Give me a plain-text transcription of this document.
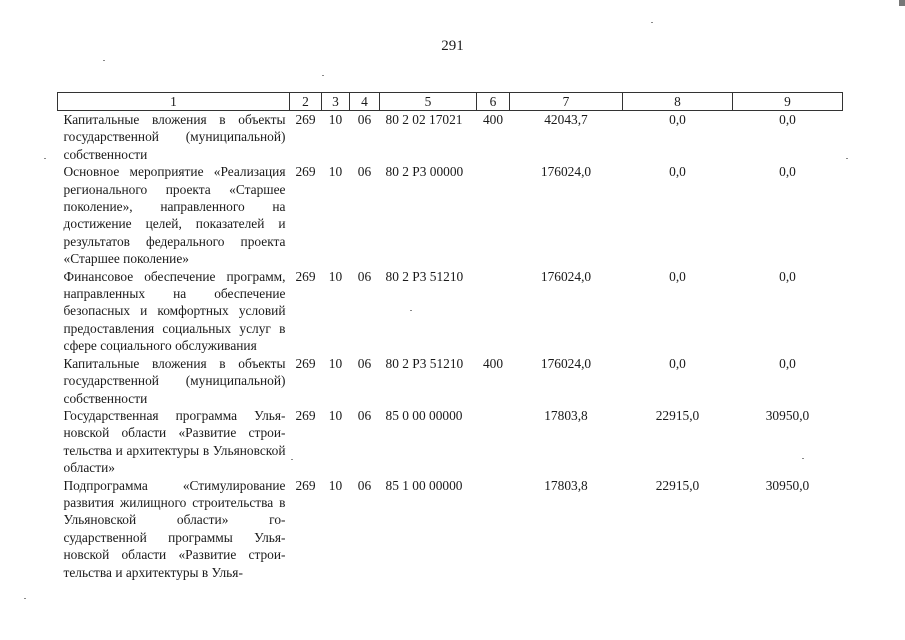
291
1	2	3	4	5	6	7	8	9
Капитальные вложения в объекты государственной (муниципальной) собственности	269	10	06	80 2 02 17021	400	42043,7	0,0	0,0
Основное мероприятие «Реализация регионального проекта «Старшее поколение», направленного на достижение целей, показателей и результатов федерального проекта «Старшее поколение»	269	10	06	80 2 Р3 00000		176024,0	0,0	0,0
Финансовое обеспечение программ, направленных на обеспечение безопасных и комфортных условий предоставления социальных услуг в сфере социального обслуживания	269	10	06	80 2 Р3 51210		176024,0	0,0	0,0
Капитальные вложения в объекты государственной (муниципальной) собственности	269	10	06	80 2 Р3 51210	400	176024,0	0,0	0,0
Государственная программа Ульяновской области «Развитие строительства и архитектуры в Ульяновской области»	269	10	06	85 0 00 00000		17803,8	22915,0	30950,0
Подпрограмма «Стимулирование развития жилищного строительства в Ульяновской области» государственной программы Ульяновской области «Развитие строительства и архитектуры в Улья-	269	10	06	85 1 00 00000		17803,8	22915,0	30950,0
